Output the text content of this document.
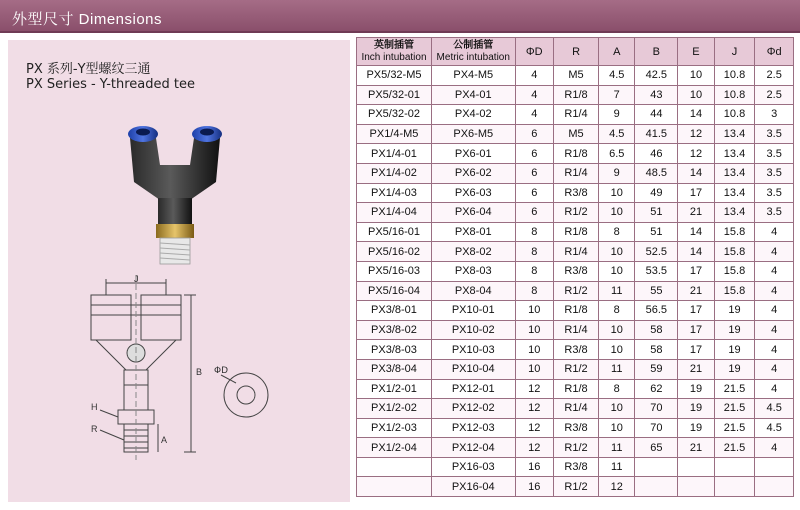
外型尺寸 Dimensions
PX 系列-Y型螺纹三通
PX Series - Y-threaded tee
J
B
A
H
R
ΦD
英制插管
Inch intubation	公制插管
Metric intubation	ΦD	R	A	B	E	J	Φd
PX5/32-M5	PX4-M5	4	M5	4.5	42.5	10	10.8	2.5
PX5/32-01	PX4-01	4	R1/8	7	43	10	10.8	2.5
PX5/32-02	PX4-02	4	R1/4	9	44	14	10.8	3
PX1/4-M5	PX6-M5	6	M5	4.5	41.5	12	13.4	3.5
PX1/4-01	PX6-01	6	R1/8	6.5	46	12	13.4	3.5
PX1/4-02	PX6-02	6	R1/4	9	48.5	14	13.4	3.5
PX1/4-03	PX6-03	6	R3/8	10	49	17	13.4	3.5
PX1/4-04	PX6-04	6	R1/2	10	51	21	13.4	3.5
PX5/16-01	PX8-01	8	R1/8	8	51	14	15.8	4
PX5/16-02	PX8-02	8	R1/4	10	52.5	14	15.8	4
PX5/16-03	PX8-03	8	R3/8	10	53.5	17	15.8	4
PX5/16-04	PX8-04	8	R1/2	11	55	21	15.8	4
PX3/8-01	PX10-01	10	R1/8	8	56.5	17	19	4
PX3/8-02	PX10-02	10	R1/4	10	58	17	19	4
PX3/8-03	PX10-03	10	R3/8	10	58	17	19	4
PX3/8-04	PX10-04	10	R1/2	11	59	21	19	4
PX1/2-01	PX12-01	12	R1/8	8	62	19	21.5	4
PX1/2-02	PX12-02	12	R1/4	10	70	19	21.5	4.5
PX1/2-03	PX12-03	12	R3/8	10	70	19	21.5	4.5
PX1/2-04	PX12-04	12	R1/2	11	65	21	21.5	4
	PX16-03	16	R3/8	11				
	PX16-04	16	R1/2	12				
